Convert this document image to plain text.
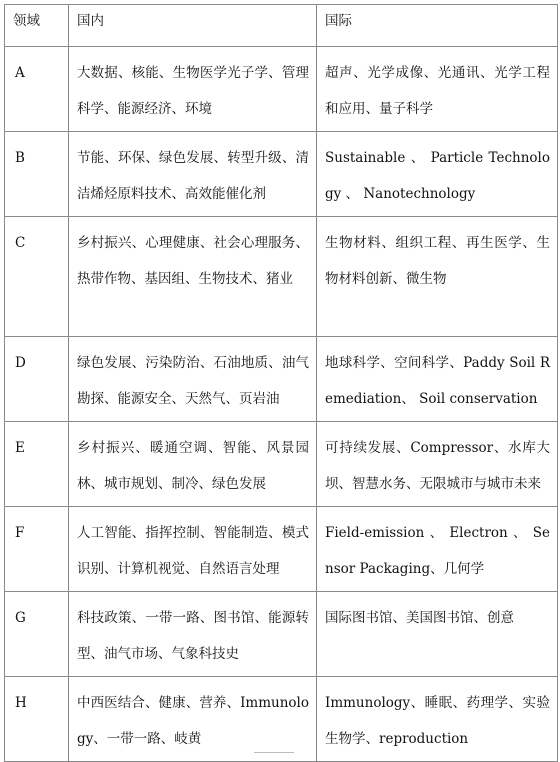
领域	国内	国际
A	大数据、核能、生物医学光子学、管理科学、能源经济、环境	超声、光学成像、光通讯、光学工程和应用、量子科学
B	节能、环保、绿色发展、转型升级、清洁烯烃原料技术、高效能催化剂	Sustainable 、 Particle Technology 、 Nanotechnology
C	乡村振兴、心理健康、社会心理服务、热带作物、基因组、生物技术、猪业	生物材料、组织工程、再生医学、生物材料创新、微生物
D	绿色发展、污染防治、石油地质、油气勘探、能源安全、天然气、页岩油	地球科学、空间科学、Paddy Soil Remediation、 Soil conservation
E	乡村振兴、暖通空调、智能、风景园林、城市规划、制冷、绿色发展	可持续发展、Compressor、水库大坝、智慧水务、无限城市与城市未来
F	人工智能、指挥控制、智能制造、模式识别、计算机视觉、自然语言处理	Field-emission 、 Electron 、 Sensor Packaging、几何学
G	科技政策、一带一路、图书馆、能源转型、油气市场、气象科技史	国际图书馆、美国图书馆、创意
H	中西医结合、健康、营养、Immunology、一带一路、岐黄	Immunology、睡眠、药理学、实验生物学、reproduction
